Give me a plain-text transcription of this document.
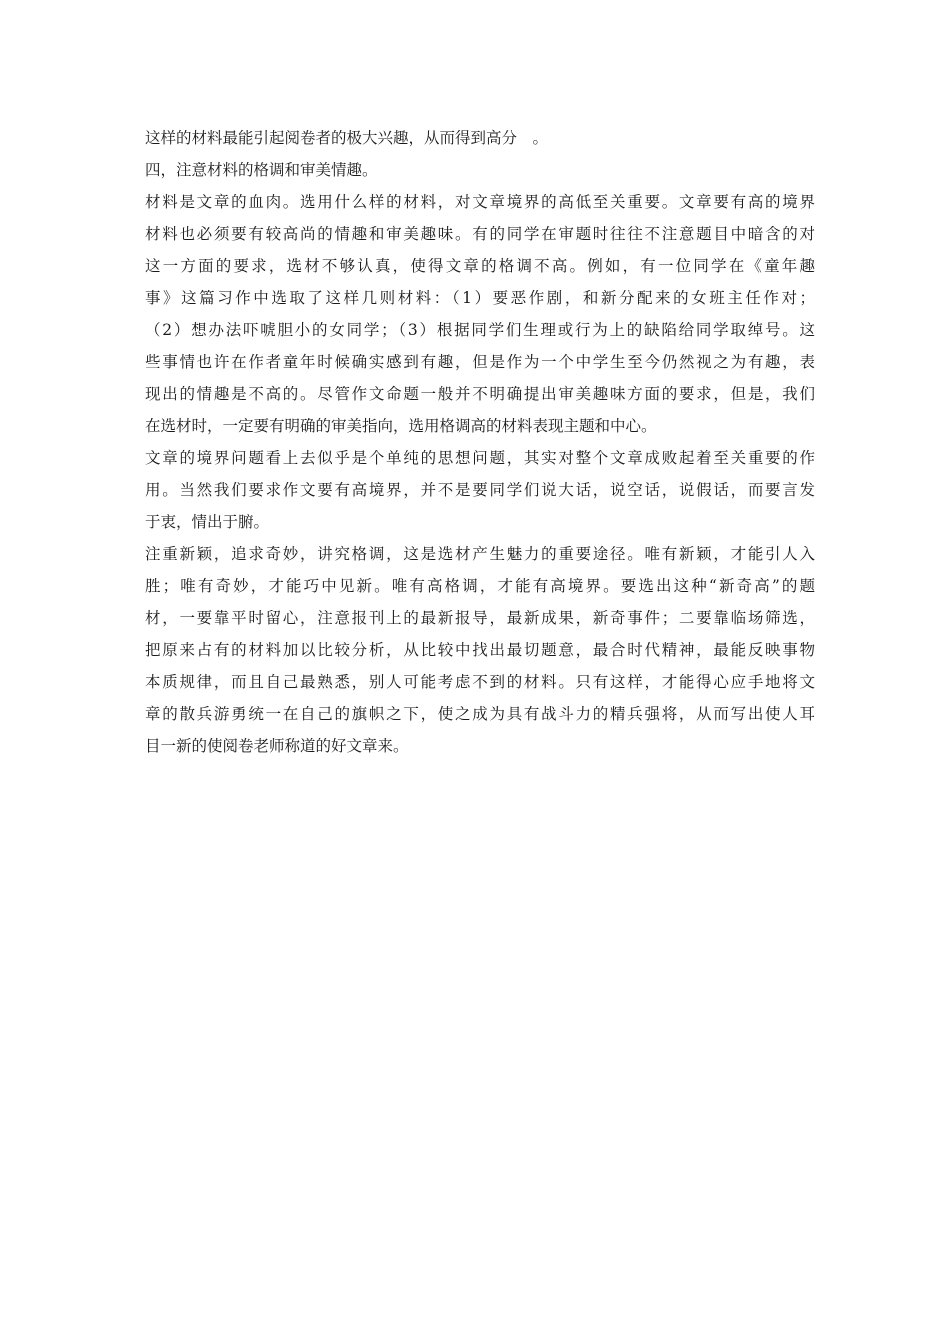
这样的材料最能引起阅卷者的极大兴趣，从而得到高分　。
四，注意材料的格调和审美情趣。
材料是文章的血肉。选用什么样的材料，对文章境界的高低至关重要。文章要有高的境界
材料也必须要有较高尚的情趣和审美趣味。有的同学在审题时往往不注意题目中暗含的对
这一方面的要求，选材不够认真，使得文章的格调不高。例如，有一位同学在《童年趣
事》这篇习作中选取了这样几则材料：（1）要恶作剧，和新分配来的女班主任作对；
（2）想办法吓唬胆小的女同学；（3）根据同学们生理或行为上的缺陷给同学取绰号。这
些事情也许在作者童年时候确实感到有趣，但是作为一个中学生至今仍然视之为有趣，表
现出的情趣是不高的。尽管作文命题一般并不明确提出审美趣味方面的要求，但是，我们
在选材时，一定要有明确的审美指向，选用格调高的材料表现主题和中心。
文章的境界问题看上去似乎是个单纯的思想问题，其实对整个文章成败起着至关重要的作
用。当然我们要求作文要有高境界，并不是要同学们说大话，说空话，说假话，而要言发
于衷，情出于腑。
注重新颖，追求奇妙，讲究格调，这是选材产生魅力的重要途径。唯有新颖，才能引人入
胜；唯有奇妙，才能巧中见新。唯有高格调，才能有高境界。要选出这种“新奇高”的题
材，一要靠平时留心，注意报刊上的最新报导，最新成果，新奇事件；二要靠临场筛选，
把原来占有的材料加以比较分析，从比较中找出最切题意，最合时代精神，最能反映事物
本质规律，而且自己最熟悉，别人可能考虑不到的材料。只有这样，才能得心应手地将文
章的散兵游勇统一在自己的旗帜之下，使之成为具有战斗力的精兵强将，从而写出使人耳
目一新的使阅卷老师称道的好文章来。
